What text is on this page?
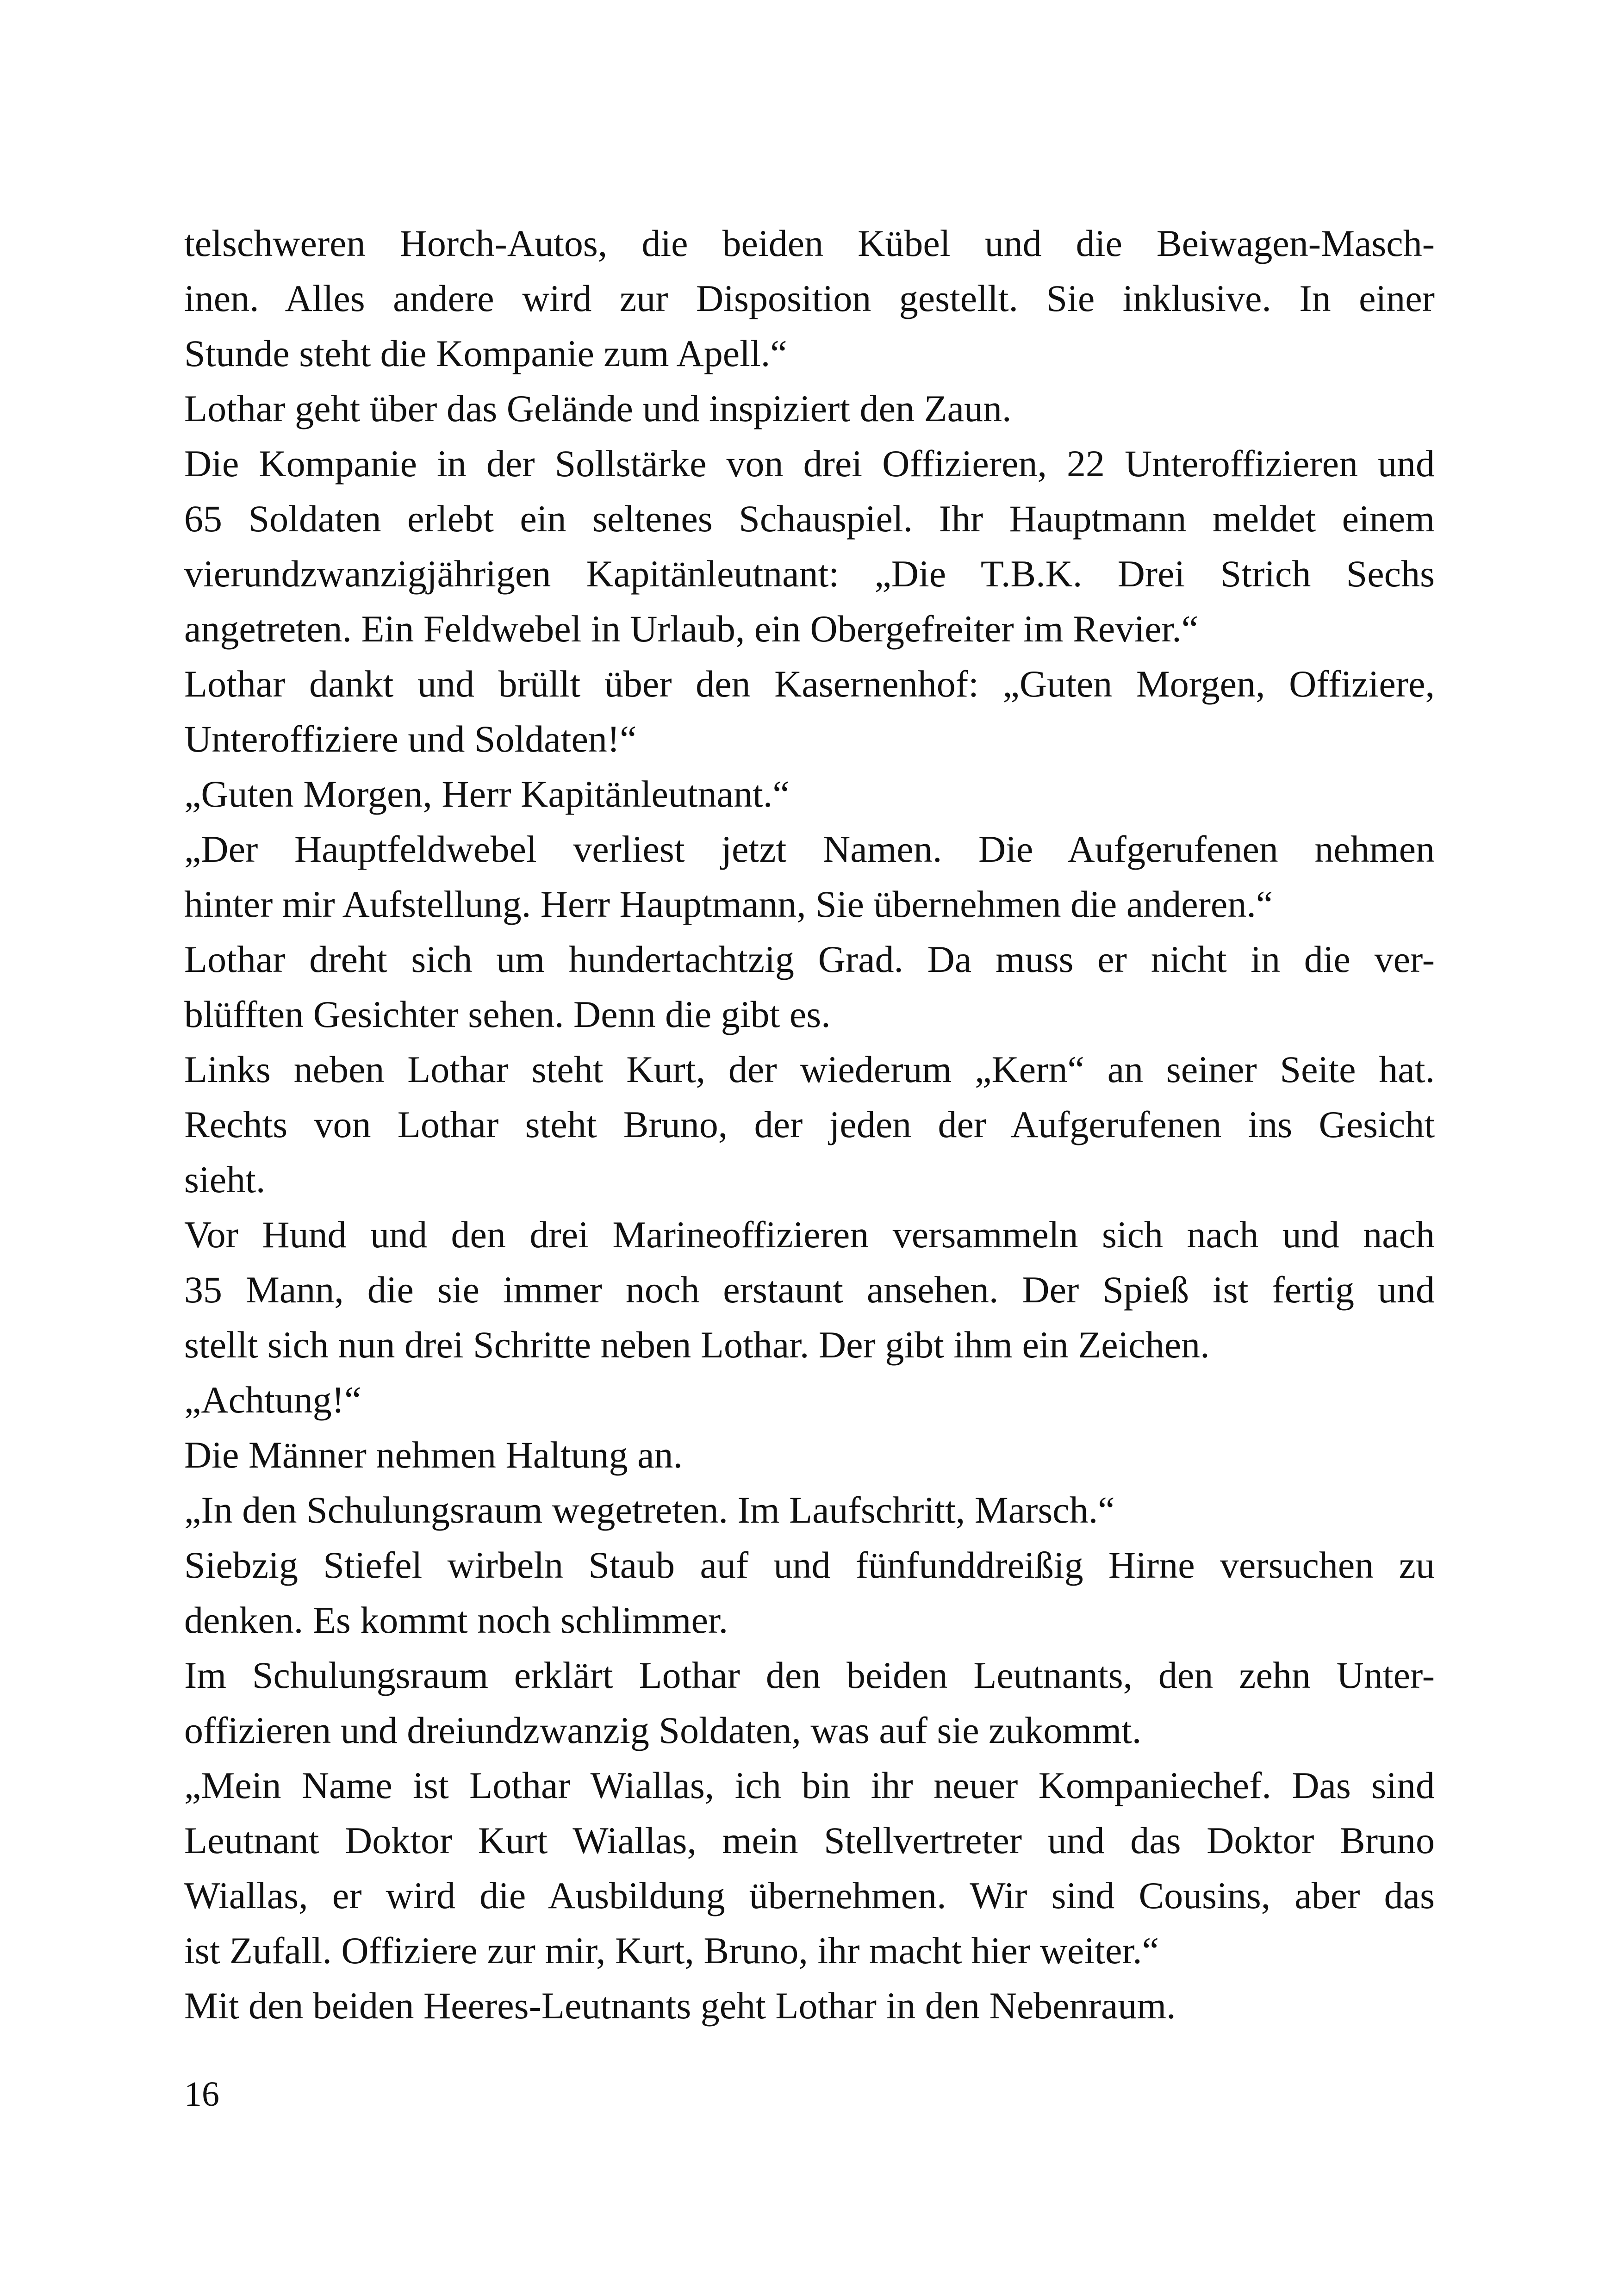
telschweren Horch-Autos, die beiden Kübel und die Beiwagen-Masch-
inen. Alles andere wird zur Disposition gestellt. Sie inklusive. In einer
Stunde steht die Kompanie zum Apell.“
Lothar geht über das Gelände und inspiziert den Zaun.
Die Kompanie in der Sollstärke von drei Offizieren, 22 Unteroffizieren und
65 Soldaten erlebt ein seltenes Schauspiel. Ihr Hauptmann meldet einem
vierundzwanzigjährigen Kapitänleutnant: „Die T.B.K. Drei Strich Sechs
angetreten. Ein Feldwebel in Urlaub, ein Obergefreiter im Revier.“
Lothar dankt und brüllt über den Kasernenhof: „Guten Morgen, Offiziere,
Unteroffiziere und Soldaten!“
„Guten Morgen, Herr Kapitänleutnant.“
„Der Hauptfeldwebel verliest jetzt Namen. Die Aufgerufenen nehmen
hinter mir Aufstellung. Herr Hauptmann, Sie übernehmen die anderen.“
Lothar dreht sich um hundertachtzig Grad. Da muss er nicht in die ver-
blüfften Gesichter sehen. Denn die gibt es.
Links neben Lothar steht Kurt, der wiederum „Kern“ an seiner Seite hat.
Rechts von Lothar steht Bruno, der jeden der Aufgerufenen ins Gesicht
sieht.
Vor Hund und den drei Marineoffizieren versammeln sich nach und nach
35 Mann, die sie immer noch erstaunt ansehen. Der Spieß ist fertig und
stellt sich nun drei Schritte neben Lothar. Der gibt ihm ein Zeichen.
„Achtung!“
Die Männer nehmen Haltung an.
„In den Schulungsraum wegetreten. Im Laufschritt, Marsch.“
Siebzig Stiefel wirbeln Staub auf und fünfunddreißig Hirne versuchen zu
denken. Es kommt noch schlimmer.
Im Schulungsraum erklärt Lothar den beiden Leutnants, den zehn Unter-
offizieren und dreiundzwanzig Soldaten, was auf sie zukommt.
„Mein Name ist Lothar Wiallas, ich bin ihr neuer Kompaniechef. Das sind
Leutnant Doktor Kurt Wiallas, mein Stellvertreter und das Doktor Bruno
Wiallas, er wird die Ausbildung übernehmen. Wir sind Cousins, aber das
ist Zufall. Offiziere zur mir, Kurt, Bruno, ihr macht hier weiter.“
Mit den beiden Heeres-Leutnants geht Lothar in den Nebenraum.
16
